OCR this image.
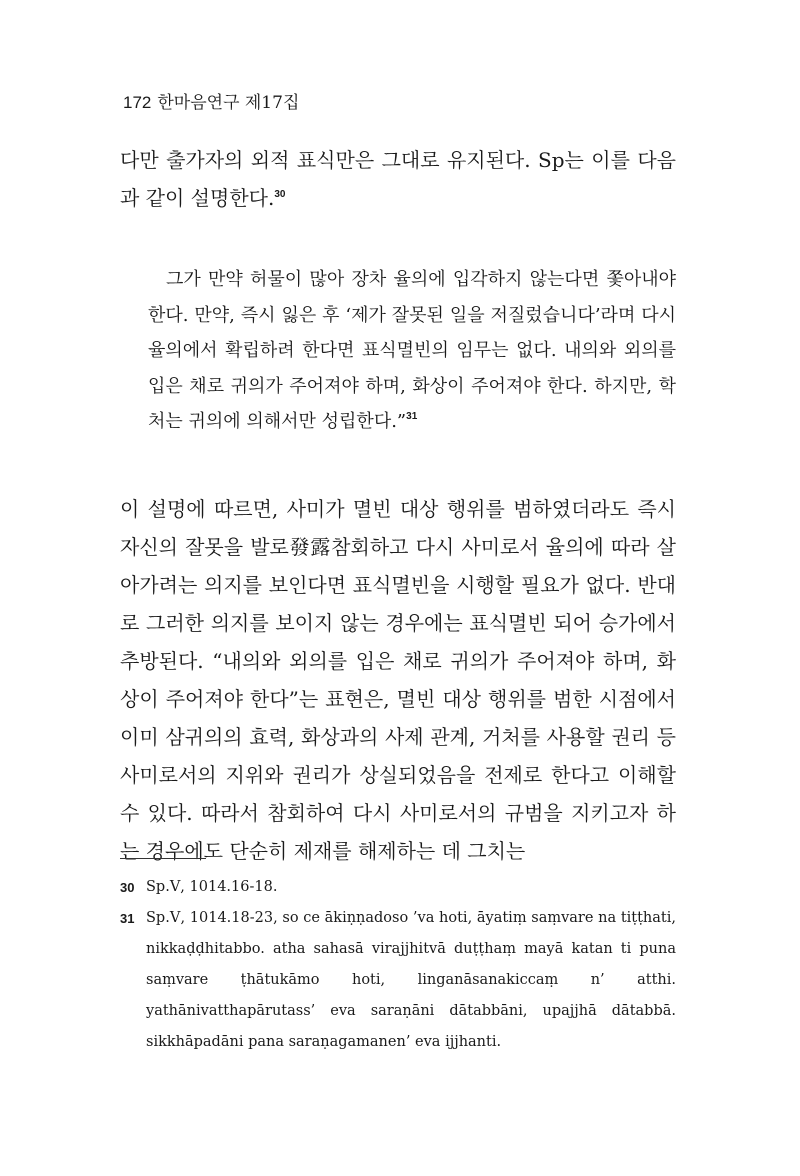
172 한마음연구 제17집

다만 출가자의 외적 표식만은 그대로 유지된다. Sp는 이를 다음과 같이 설명한다.$^{30}$

그가 만약 허물이 많아 장차 율의에 입각하지 않는다면 쫓아내야 한다. 만약, 즉시 잃은 후 ‘제가 잘못된 일을 저질렀습니다’라며 다시 율의에서 확립하려 한다면 표식멸빈의 임무는 없다. 내의와 외의를 입은 채로 귀의가 주어져야 하며, 화상이 주어져야 한다. 하지만, 학처는 귀의에 의해서만 성립한다.”$^{31}$

이 설명에 따르면, 사미가 멸빈 대상 행위를 범하였더라도 즉시 자신의 잘못을 발로發露참회하고 다시 사미로서 율의에 따라 살아가려는 의지를 보인다면 표식멸빈을 시행할 필요가 없다. 반대로 그러한 의지를 보이지 않는 경우에는 표식멸빈 되어 승가에서 추방된다. “내의와 외의를 입은 채로 귀의가 주어져야 하며, 화상이 주어져야 한다”는 표현은, 멸빈 대상 행위를 범한 시점에서 이미 삼귀의의 효력, 화상과의 사제 관계, 거처를 사용할 권리 등 사미로서의 지위와 권리가 상실되었음을 전제로 한다고 이해할 수 있다. 따라서 참회하여 다시 사미로서의 규범을 지키고자 하는 경우에도 단순히 제재를 해제하는 데 그치는

30 Sp.Ⅴ, 1014.16-18.
31 Sp.Ⅴ, 1014.18-23, so ce ākiṇṇadoso ’va hoti, āyatiṃ saṃvare na tiṭṭhati, nikkaḍḍhitabbo. atha sahasā virajjhitvā duṭṭhaṃ mayā katan ti puna saṃvare ṭhātukāmo hoti, linganāsanakiccaṃ n’ atthi. yathānivatthapārutass’ eva saraṇāni dātabbāni, upajjhā dātabbā. sikkhāpadāni pana saraṇagamanen’ eva ijjhanti.
